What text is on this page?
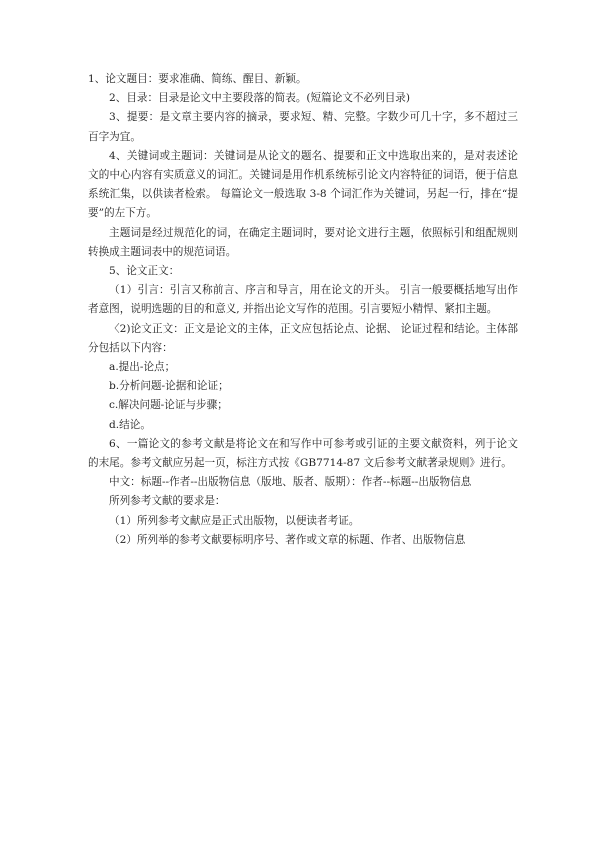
1、论文题目：要求准确、简练、醒目、新颖。

2、目录：目录是论文中主要段落的简表。(短篇论文不必列目录)

3、提要：是文章主要内容的摘录，要求短、精、完整。字数少可几十字，多不超过三百字为宜。

4、关键词或主题词：关键词是从论文的题名、提要和正文中选取出来的，是对表述论文的中心内容有实质意义的词汇。关键词是用作机系统标引论文内容特征的词语，便于信息系统汇集，以供读者检索。 每篇论文一般选取 3-8 个词汇作为关键词，另起一行，排在“提要”的左下方。

主题词是经过规范化的词，在确定主题词时，要对论文进行主题，依照标引和组配规则转换成主题词表中的规范词语。

5、论文正文：

（1）引言：引言又称前言、序言和导言，用在论文的开头。 引言一般要概括地写出作者意图，说明选题的目的和意义, 并指出论文写作的范围。引言要短小精悍、紧扣主题。

〈2)论文正文：正文是论文的主体，正文应包括论点、论据、 论证过程和结论。主体部分包括以下内容：

a.提出-论点；

b.分析问题-论据和论证；

c.解决问题-论证与步骤；

d.结论。

6、一篇论文的参考文献是将论文在和写作中可参考或引证的主要文献资料，列于论文的末尾。参考文献应另起一页，标注方式按《GB7714-87 文后参考文献著录规则》进行。

中文：标题--作者--出版物信息（版地、版者、版期）：作者--标题--出版物信息

所列参考文献的要求是：

（1）所列参考文献应是正式出版物，以便读者考证。

（2）所列举的参考文献要标明序号、著作或文章的标题、作者、出版物信息
